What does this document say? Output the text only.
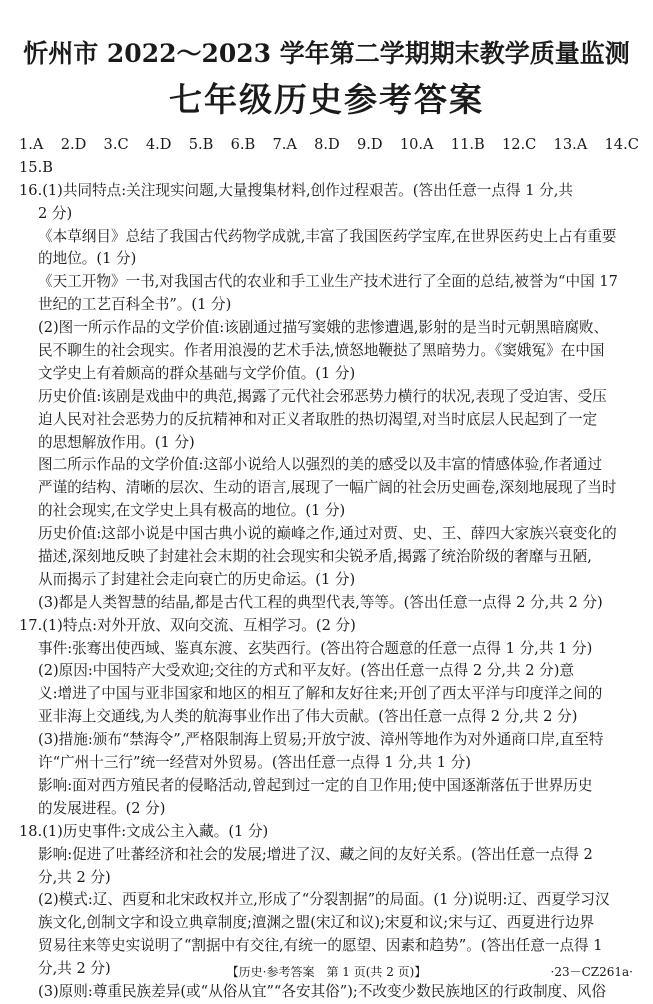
忻州市 2022～2023 学年第二学期期末教学质量监测
七年级历史参考答案
1.A 2.D 3.C 4.D 5.B 6.B 7.A 8.D 9.D 10.A 11.B 12.C 13.A 14.C
15.B
16.(1)共同特点:关注现实问题,大量搜集材料,创作过程艰苦。(答出任意一点得 1 分,共
2 分)
《本草纲目》总结了我国古代药物学成就,丰富了我国医药学宝库,在世界医药史上占有重要
的地位。(1 分)
《天工开物》一书,对我国古代的农业和手工业生产技术进行了全面的总结,被誉为“中国 17
世纪的工艺百科全书”。(1 分)
(2)图一所示作品的文学价值:该剧通过描写窦娥的悲惨遭遇,影射的是当时元朝黑暗腐败、
民不聊生的社会现实。作者用浪漫的艺术手法,愤怒地鞭挞了黑暗势力。《窦娥冤》在中国
文学史上有着颇高的群众基础与文学价值。(1 分)
历史价值:该剧是戏曲中的典范,揭露了元代社会邪恶势力横行的状况,表现了受迫害、受压
迫人民对社会恶势力的反抗精神和对正义者取胜的热切渴望,对当时底层人民起到了一定
的思想解放作用。(1 分)
图二所示作品的文学价值:这部小说给人以强烈的美的感受以及丰富的情感体验,作者通过
严谨的结构、清晰的层次、生动的语言,展现了一幅广阔的社会历史画卷,深刻地展现了当时
的社会现实,在文学史上具有极高的地位。(1 分)
历史价值:这部小说是中国古典小说的巅峰之作,通过对贾、史、王、薛四大家族兴衰变化的
描述,深刻地反映了封建社会末期的社会现实和尖锐矛盾,揭露了统治阶级的奢靡与丑陋,
从而揭示了封建社会走向衰亡的历史命运。(1 分)
(3)都是人类智慧的结晶,都是古代工程的典型代表,等等。(答出任意一点得 2 分,共 2 分)
17.(1)特点:对外开放、双向交流、互相学习。(2 分)
事件:张骞出使西域、鉴真东渡、玄奘西行。(答出符合题意的任意一点得 1 分,共 1 分)
(2)原因:中国特产大受欢迎;交往的方式和平友好。(答出任意一点得 2 分,共 2 分)意
义:增进了中国与亚非国家和地区的相互了解和友好往来;开创了西太平洋与印度洋之间的
亚非海上交通线,为人类的航海事业作出了伟大贡献。(答出任意一点得 2 分,共 2 分)
(3)措施:颁布“禁海令”,严格限制海上贸易;开放宁波、漳州等地作为对外通商口岸,直至特
许“广州十三行”统一经营对外贸易。(答出任意一点得 1 分,共 1 分)
影响:面对西方殖民者的侵略活动,曾起到过一定的自卫作用;使中国逐渐落伍于世界历史
的发展进程。(2 分)
18.(1)历史事件:文成公主入藏。(1 分)
影响:促进了吐蕃经济和社会的发展;增进了汉、藏之间的友好关系。(答出任意一点得 2
分,共 2 分)
(2)模式:辽、西夏和北宋政权并立,形成了“分裂割据”的局面。(1 分)说明:辽、西夏学习汉
族文化,创制文字和设立典章制度;澶渊之盟(宋辽和议);宋夏和议;宋与辽、西夏进行边界
贸易往来等史实说明了“割据中有交往,有统一的愿望、因素和趋势”。(答出任意一点得 1
分,共 2 分)
(3)原则:尊重民族差异(或“从俗从宜”“各安其俗”);不改变少数民族地区的行政制度、风俗
【历史·参考答案　第 1 页(共 2 页)】	·23－CZ261a·
